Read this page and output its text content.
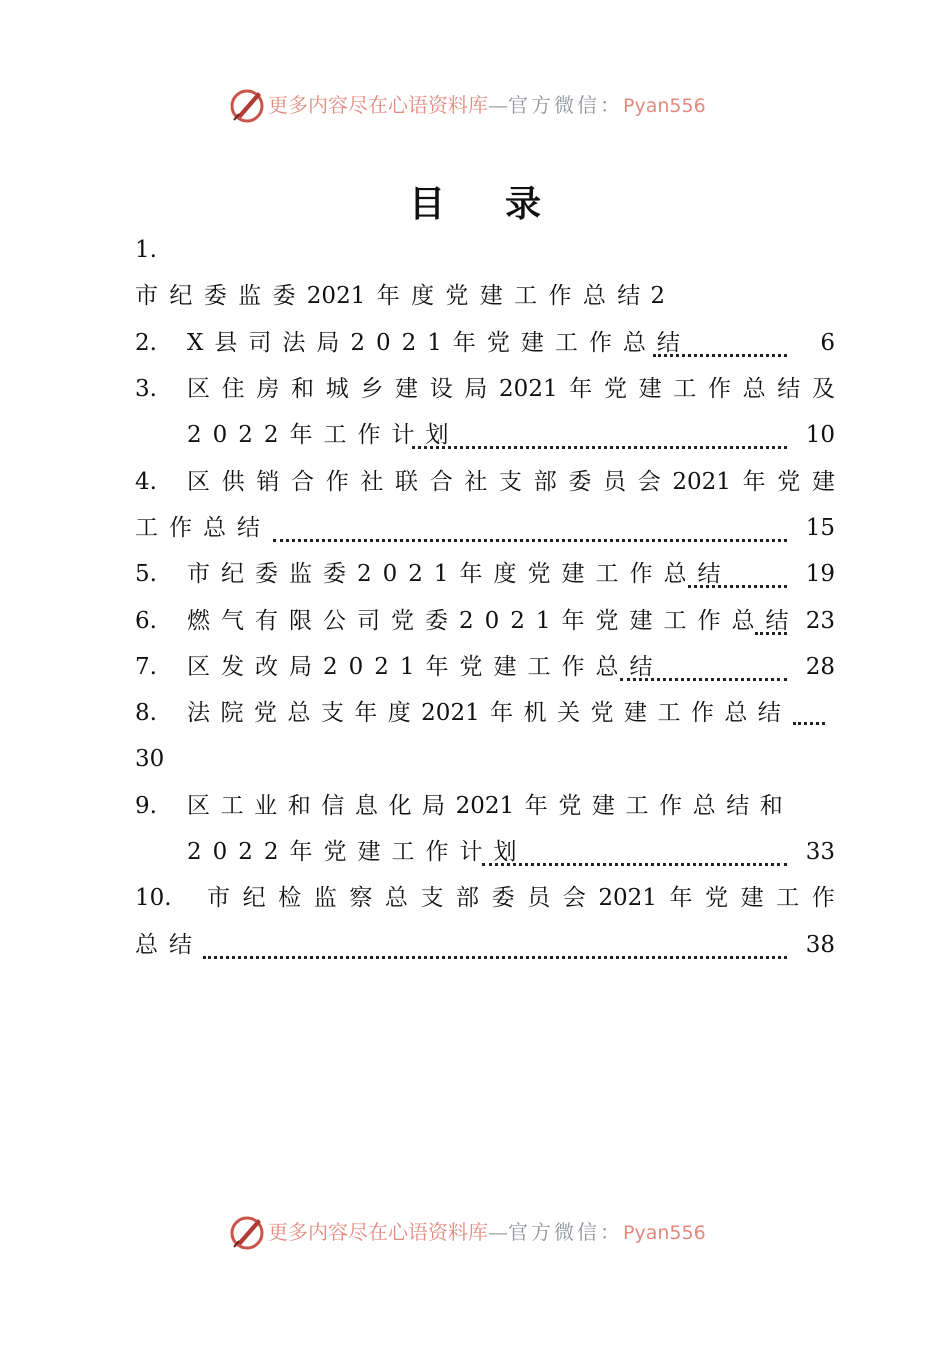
更多内容尽在心语资料库—官方微信：Pyan556
目 录
1.
市 纪 委 监 委 2021 年 度 党 建 工 作 总 结 2
2. X县司法局2021年党建工作总结	6
3.	区 住 房 和 城 乡 建 设 局 2021 年 党 建 工 作 总 结 及
2022年工作计划	10
4.	区 供 销 合 作 社 联 合 社 支 部 委 员 会 2021 年 党 建
工作总结	15
5. 市纪委监委2021年度党建工作总结	19
6. 燃气有限公司党委2021年党建工作总结 23
7. 区发改局2021年党建工作总结	28
8.	法 院 党 总 支 年 度 2021 年 机 关 党 建 工 作 总 结
30
9.	区 工 业 和 信 息 化 局 2021 年 党 建 工 作 总 结 和
2022年党建工作计划	33
10.	市 纪 检 监 察 总 支 部 委 员 会 2021 年 党 建 工 作
总结	38
更多内容尽在心语资料库—官方微信：Pyan556
